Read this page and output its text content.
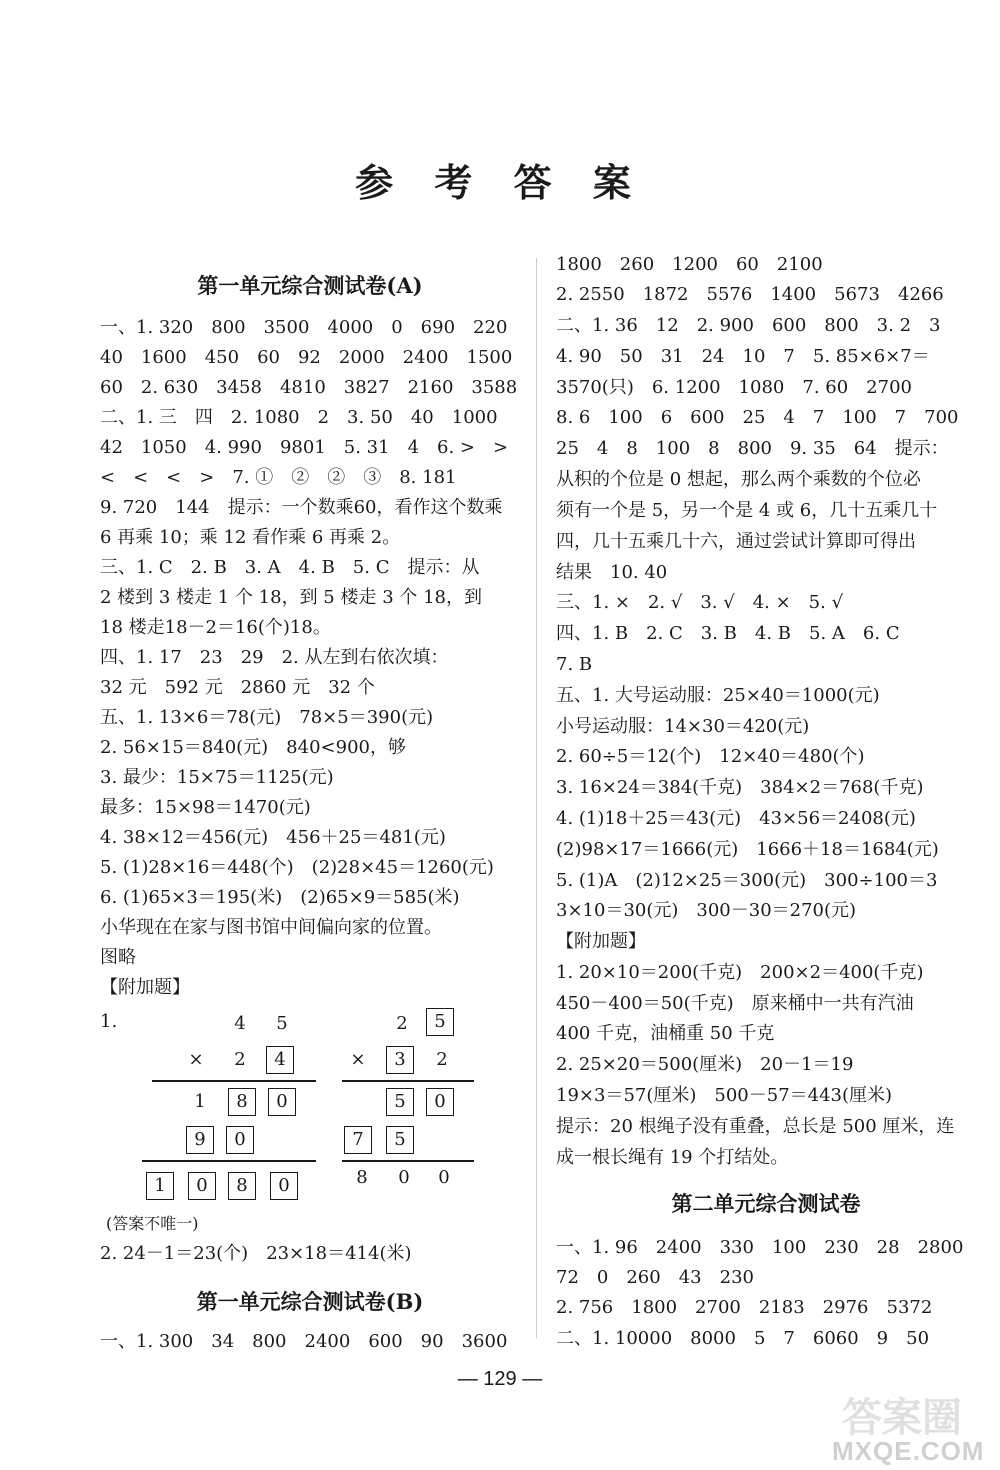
参 考 答 案
第一单元综合测试卷(A)
一、1. 320　800　3500　4000　0　690　220
40　1600　450　60　92　2000　2400　1500
60　2. 630　3458　4810　3827　2160　3588
二、1. 三　四　2. 1080　2　3. 50　40　1000
42　1050　4. 990　9801　5. 31　4　6. >　>
<　<　<　>　7. ①　②　②　③　8. 181
9. 720　144　提示：一个数乘60，看作这个数乘
6 再乘 10；乘 12 看作乘 6 再乘 2。
三、1. C　2. B　3. A　4. B　5. C　提示：从
2 楼到 3 楼走 1 个 18，到 5 楼走 3 个 18，到
18 楼走18－2＝16(个)18。
四、1. 17　23　29　2. 从左到右依次填：
32 元　592 元　2860 元　32 个
五、1. 13×6＝78(元)　78×5＝390(元)
2. 56×15＝840(元)　840<900，够
3. 最少：15×75＝1125(元)
最多：15×98＝1470(元)
4. 38×12＝456(元)　456＋25＝481(元)
5. (1)28×16＝448(个)　(2)28×45＝1260(元)
6. (1)65×3＝195(米)　(2)65×9＝585(米)
小华现在在家与图书馆中间偏向家的位置。
图略
【附加题】
1.	4	5
×	2	4
1	8	0
9	0
1	0	8	0
2	5
×	3	2
5	0
7	5
8	0	0
(答案不唯一)
2. 24－1＝23(个)　23×18＝414(米)
第一单元综合测试卷(B)
一、1. 300　34　800　2400　600　90　3600
1800　260　1200　60　2100
2. 2550　1872　5576　1400　5673　4266
二、1. 36　12　2. 900　600　800　3. 2　3
4. 90　50　31　24　10　7　5. 85×6×7＝
3570(只)　6. 1200　1080　7. 60　2700
8. 6　100　6　600　25　4　7　100　7　700
25　4　8　100　8　800　9. 35　64　提示：
从积的个位是 0 想起，那么两个乘数的个位必
须有一个是 5，另一个是 4 或 6，几十五乘几十
四，几十五乘几十六，通过尝试计算即可得出
结果　10. 40
三、1. ×　2. √　3. √　4. ×　5. √
四、1. B　2. C　3. B　4. B　5. A　6. C
7. B
五、1. 大号运动服：25×40＝1000(元)
小号运动服：14×30＝420(元)
2. 60÷5＝12(个)　12×40＝480(个)
3. 16×24＝384(千克)　384×2＝768(千克)
4. (1)18＋25＝43(元)　43×56＝2408(元)
(2)98×17＝1666(元)　1666＋18＝1684(元)
5. (1)A　(2)12×25＝300(元)　300÷100＝3
3×10＝30(元)　300－30＝270(元)
【附加题】
1. 20×10＝200(千克)　200×2＝400(千克)
450－400＝50(千克)　原来桶中一共有汽油
400 千克，油桶重 50 千克
2. 25×20＝500(厘米)　20－1＝19
19×3＝57(厘米)　500－57＝443(厘米)
提示：20 根绳子没有重叠，总长是 500 厘米，连
成一根长绳有 19 个打结处。
第二单元综合测试卷
一、1. 96　2400　330　100　230　28　2800
72　0　260　43　230
2. 756　1800　2700　2183　2976　5372
二、1. 10000　8000　5　7　6060　9　50
— 129 —
答案圈
MXQE.COM
